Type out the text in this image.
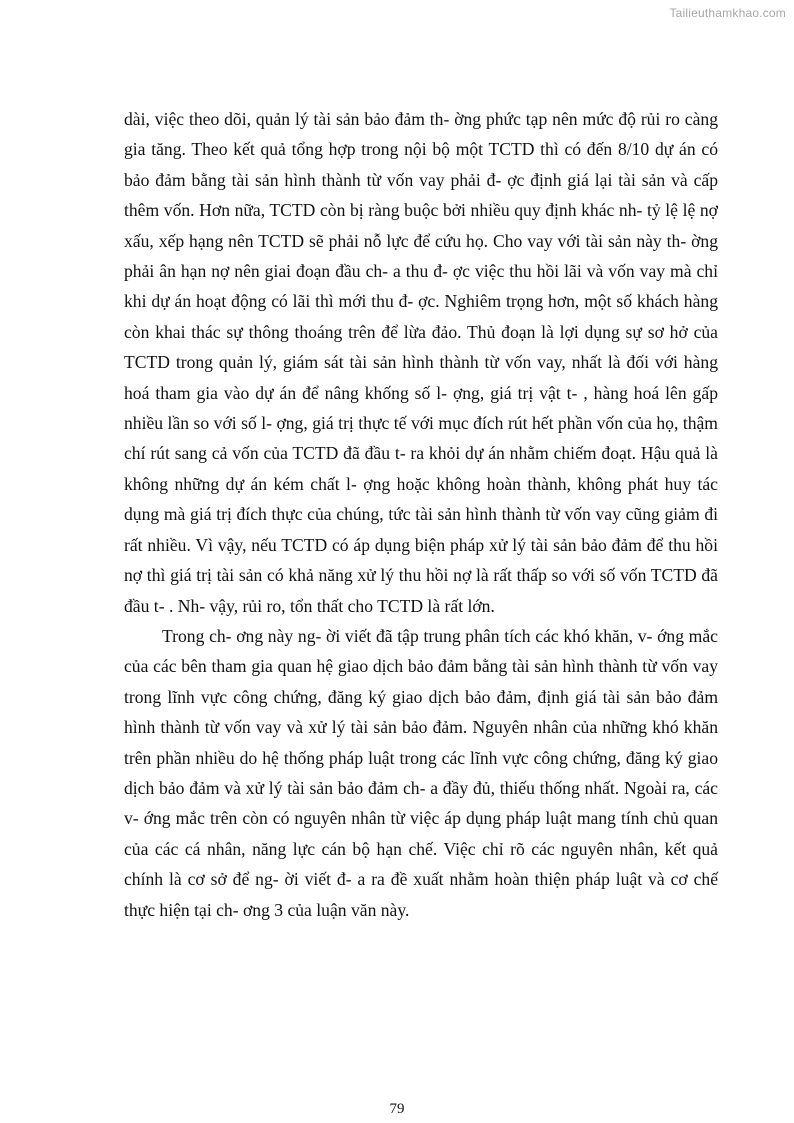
Tailieuthamkhao.com

dài, việc theo dõi, quản lý tài sản bảo đảm th- ờng phức tạp nên mức độ rủi ro càng gia tăng. Theo kết quả tổng hợp trong nội bộ một TCTD thì có đến 8/10 dự án có bảo đảm bằng tài sản hình thành từ vốn vay phải đ- ợc định giá lại tài sản và cấp thêm vốn. Hơn nữa, TCTD còn bị ràng buộc bởi nhiều quy định khác nh- tỷ lệ lệ nợ xấu, xếp hạng nên TCTD sẽ phải nỗ lực để cứu họ. Cho vay với tài sản này th- ờng phải ân hạn nợ nên giai đoạn đầu ch- a thu đ- ợc việc thu hồi lãi và vốn vay mà chỉ khi dự án hoạt động có lãi thì mới thu đ- ợc. Nghiêm trọng hơn, một số khách hàng còn khai thác sự thông thoáng trên để lừa đảo. Thủ đoạn là lợi dụng sự sơ hở của TCTD trong quản lý, giám sát tài sản hình thành từ vốn vay, nhất là đối với hàng hoá tham gia vào dự án để nâng khống số l- ợng, giá trị vật t- , hàng hoá lên gấp nhiều lần so với số l- ợng, giá trị thực tế với mục đích rút hết phần vốn của họ, thậm chí rút sang cả vốn của TCTD đã đầu t- ra khỏi dự án nhằm chiếm đoạt. Hậu quả là không những dự án kém chất l- ợng hoặc không hoàn thành, không phát huy tác dụng mà giá trị đích thực của chúng, tức tài sản hình thành từ vốn vay cũng giảm đi rất nhiều. Vì vậy, nếu TCTD có áp dụng biện pháp xử lý tài sản bảo đảm để thu hồi nợ thì giá trị tài sản có khả năng xử lý thu hồi nợ là rất thấp so với số vốn TCTD đã đầu t- . Nh- vậy, rủi ro, tổn thất cho TCTD là rất lớn.

Trong ch- ơng này ng- ời viết đã tập trung phân tích các khó khăn, v- ớng mắc của các bên tham gia quan hệ giao dịch bảo đảm bằng tài sản hình thành từ vốn vay trong lĩnh vực công chứng, đăng ký giao dịch bảo đảm, định giá tài sản bảo đảm hình thành từ vốn vay và xử lý tài sản bảo đảm. Nguyên nhân của những khó khăn trên phần nhiều do hệ thống pháp luật trong các lĩnh vực công chứng, đăng ký giao dịch bảo đảm và xử lý tài sản bảo đảm ch- a đầy đủ, thiếu thống nhất. Ngoài ra, các v- ớng mắc trên còn có nguyên nhân từ việc áp dụng pháp luật mang tính chủ quan của các cá nhân, năng lực cán bộ hạn chế. Việc chỉ rõ các nguyên nhân, kết quả chính là cơ sở để ng- ời viết đ- a ra đề xuất nhằm hoàn thiện pháp luật và cơ chế thực hiện tại ch- ơng 3 của luận văn này.

79
